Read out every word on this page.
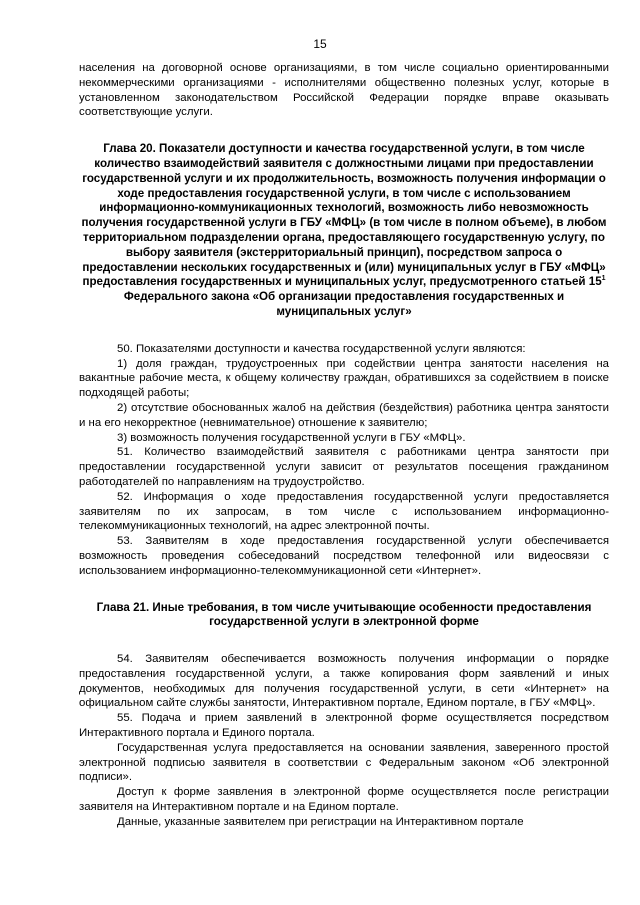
15

населения на договорной основе организациями, в том числе социально ориентированными некоммерческими организациями - исполнителями общественно полезных услуг, которые в установленном законодательством Российской Федерации порядке вправе оказывать соответствующие услуги.

Глава 20. Показатели доступности и качества государственной услуги, в том числе количество взаимодействий заявителя с должностными лицами при предоставлении государственной услуги и их продолжительность, возможность получения информации о ходе предоставления государственной услуги, в том числе с использованием информационно-коммуникационных технологий, возможность либо невозможность получения государственной услуги в ГБУ «МФЦ» (в том числе в полном объеме), в любом территориальном подразделении органа, предоставляющего государственную услугу, по выбору заявителя (экстерриториальный принцип), посредством запроса о предоставлении нескольких государственных и (или) муниципальных услуг в ГБУ «МФЦ» предоставления государственных и муниципальных услуг, предусмотренного статьей $15^1$ Федерального закона «Об организации предоставления государственных и муниципальных услуг»

50. Показателями доступности и качества государственной услуги являются:

1) доля граждан, трудоустроенных при содействии центра занятости населения на вакантные рабочие места, к общему количеству граждан, обратившихся за содействием в поиске подходящей работы;

2) отсутствие обоснованных жалоб на действия (бездействия) работника центра занятости и на его некорректное (невнимательное) отношение к заявителю;

3) возможность получения государственной услуги в ГБУ «МФЦ».

51. Количество взаимодействий заявителя с работниками центра занятости при предоставлении государственной услуги зависит от результатов посещения гражданином работодателей по направлениям на трудоустройство.

52. Информация о ходе предоставления государственной услуги предоставляется заявителям по их запросам, в том числе с использованием информационно-телекоммуникационных технологий, на адрес электронной почты.

53. Заявителям в ходе предоставления государственной услуги обеспечивается возможность проведения собеседований посредством телефонной или видеосвязи с использованием информационно-телекоммуникационной сети «Интернет».

Глава 21. Иные требования, в том числе учитывающие особенности предоставления государственной услуги в электронной форме

54. Заявителям обеспечивается возможность получения информации о порядке предоставления государственной услуги, а также копирования форм заявлений и иных документов, необходимых для получения государственной услуги, в сети «Интернет» на официальном сайте службы занятости, Интерактивном портале, Едином портале, в ГБУ «МФЦ».

55. Подача и прием заявлений в электронной форме осуществляется посредством Интерактивного портала и Единого портала.

Государственная услуга предоставляется на основании заявления, заверенного простой электронной подписью заявителя в соответствии с Федеральным законом «Об электронной подписи».

Доступ к форме заявления в электронной форме осуществляется после регистрации заявителя на Интерактивном портале и на Едином портале.

Данные, указанные заявителем при регистрации на Интерактивном портале
